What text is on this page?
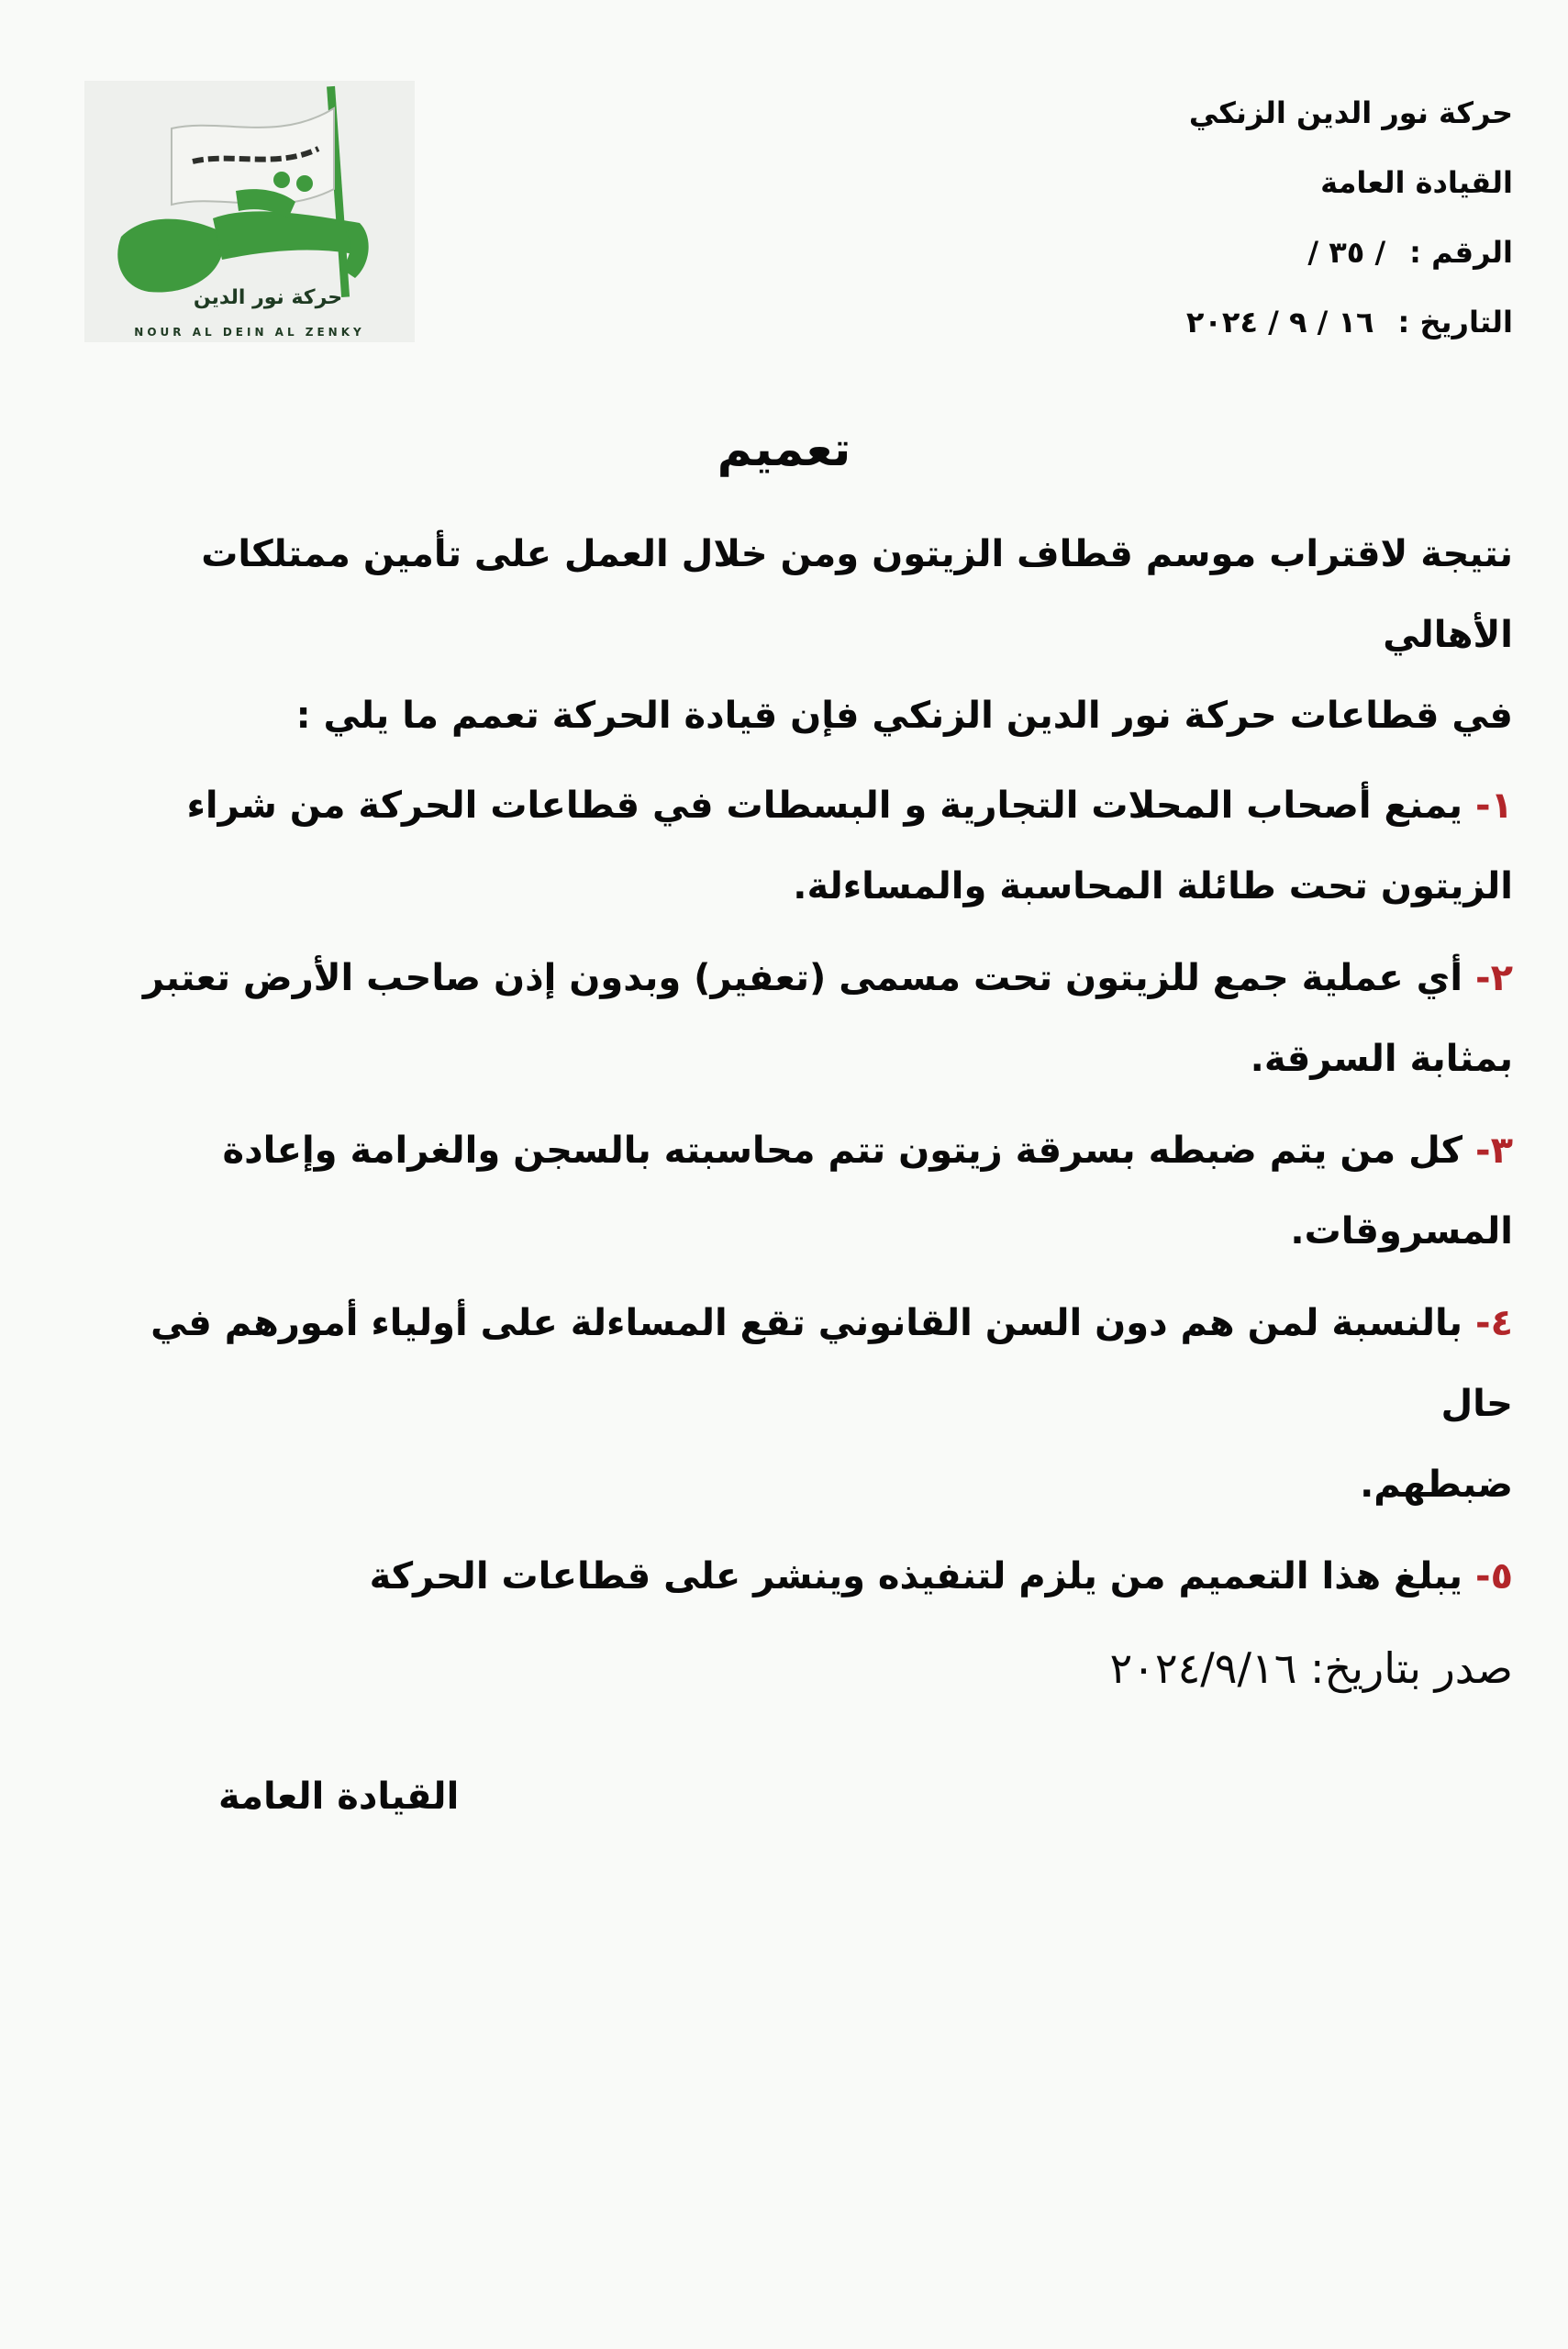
حركة نور الدين
NOUR AL DEIN AL ZENKY
حركة نور الدين الزنكي
القيادة العامة
الرقم :
/ ٣٥ /
التاريخ :
١٦ / ٩ / ٢٠٢٤
تعميم
نتيجة لاقتراب موسم قطاف الزيتون ومن خلال العمل على تأمين ممتلكات الأهالي
في قطاعات حركة نور الدين الزنكي فإن قيادة الحركة تعمم ما يلي :
١- يمنع أصحاب المحلات التجارية و البسطات في قطاعات الحركة من شراء
الزيتون تحت طائلة المحاسبة والمساءلة.
٢- أي عملية جمع للزيتون تحت مسمى (تعفير) وبدون إذن صاحب الأرض تعتبر
بمثابة السرقة.
٣- كل من يتم ضبطه بسرقة زيتون تتم محاسبته بالسجن والغرامة وإعادة
المسروقات.
٤- بالنسبة لمن هم دون السن القانوني تقع المساءلة على أولياء أمورهم في حال
ضبطهم.
٥- يبلغ هذا التعميم من يلزم لتنفيذه وينشر على قطاعات الحركة
صدر بتاريخ: ٢٠٢٤/٩/١٦
القيادة العامة
